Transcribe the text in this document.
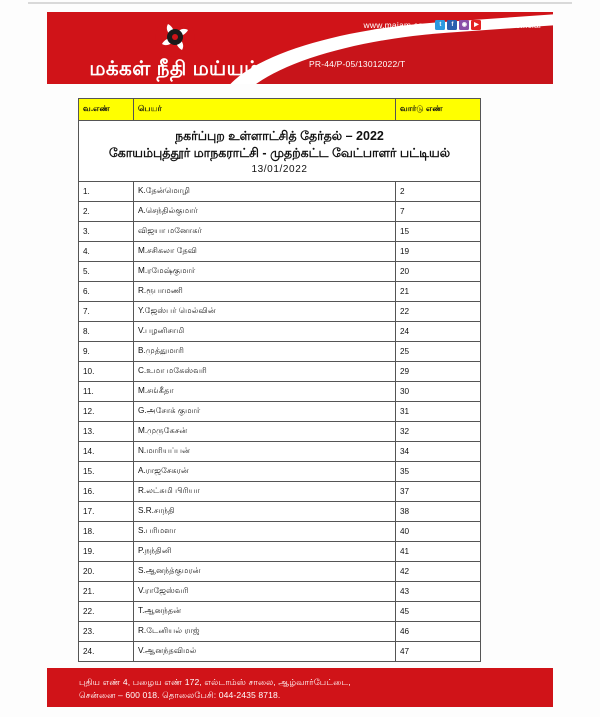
மக்கள் நீதி மய்யம்
www.maiam.com	t	f	◉	▶ /maiamofficial
PR-44/P-05/13012022/T
நகர்ப்புற உள்ளாட்சித் தேர்தல் – 2022
கோயம்புத்தூர் மாநகராட்சி - முதற்கட்ட வேட்பாளர் பட்டியல்
13/01/2022		

வ.எண்	பெயர்	வார்டு எண்
1.	K.தேன்மொழி	2
2.	A.செந்தில்குமார்	7
3.	விஜயா மனோகர்	15
4.	M.சசிகலா தேவி	19
5.	M.ரமேஷ்குமார்	20
6.	R.ரூபாமணி	21
7.	Y.ஜேஸ்பர் மெல்வின்	22
8.	V.பழனிசாமி	24
9.	B.முத்துமாரி	25
10.	C.உமா மகேஸ்வரி	29
11.	M.சங்கீதா	30
12.	G.அசோக் குமார்	31
13.	M.முருகேசன்	32
14.	N.மாரியப்பன்	34
15.	A.ராஜசேகரன்	35
16.	R.லட்சுமி பிரியா	37
17.	S.R.சாந்தி	38
18.	S.பரிமளா	40
19.	P.நந்தினி	41
20.	S.ஆனந்த்குமரன்	42
21.	V.ராஜேஸ்வரி	43
22.	T.ஆனந்தன்	45
23.	R.டேனியல் ராஜ்	46
24.	V.ஆனந்தவிமல்	47
புதிய எண் 4, பழைய எண் 172, எல்டாம்ஸ் சாலை, ஆழ்வார்பேட்டை,
சென்னை – 600 018. தொலைபேசி: 044-2435 8718.
